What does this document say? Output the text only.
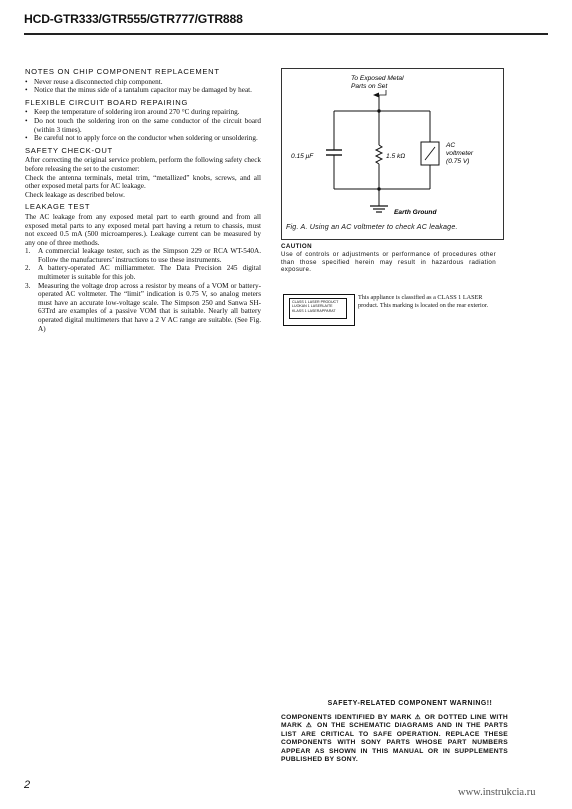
HCD-GTR333/GTR555/GTR777/GTR888
NOTES ON CHIP COMPONENT REPLACEMENT
• Never reuse a disconnected chip component.
• Notice that the minus side of a tantalum capacitor may be damaged by heat.
FLEXIBLE CIRCUIT BOARD REPAIRING
• Keep the temperature of soldering iron around 270 °C during repairing.
• Do not touch the soldering iron on the same conductor of the circuit board (within 3 times).
• Be careful not to apply force on the conductor when soldering or unsoldering.
SAFETY CHECK-OUT

After correcting the original service problem, perform the following safety check before releasing the set to the customer:

Check the antenna terminals, metal trim, “metallized” knobs, screws, and all other exposed metal parts for AC leakage.

Check leakage as described below.

LEAKAGE TEST

The AC leakage from any exposed metal part to earth ground and from all exposed metal parts to any exposed metal part having a return to chassis, must not exceed 0.5 mA (500 microamperes.). Leakage current can be measured by any one of three methods.

1. A commercial leakage tester, such as the Simpson 229 or RCA WT-540A. Follow the manufacturers’ instructions to use these instruments.
2. A battery-operated AC milliammeter. The Data Precision 245 digital multimeter is suitable for this job.
3. Measuring the voltage drop across a resistor by means of a VOM or battery-operated AC voltmeter. The “limit” indication is 0.75 V, so analog meters must have an accurate low-voltage scale. The Simpson 250 and Sanwa SH-63Trd are examples of a passive VOM that is suitable. Nearly all battery operated digital multimeters that have a 2 V AC range are suitable. (See Fig. A)
To Exposed Metal
Parts on Set
0.15 μF	1.5 kΩ
AC
voltmeter
(0.75 V)
Earth Ground
Fig. A. Using an AC voltmeter to check AC leakage.
CAUTION
Use of controls or adjustments or performance of procedures other than those specified herein may result in hazardous radiation exposure.
CLASS 1 LASER PRODUCT
LUOKAN 1 LASERLAITE
KLASS 1 LASERAPPARAT
This appliance is classified as a CLASS 1 LASER product. This marking is located on the rear exterior.
SAFETY-RELATED COMPONENT WARNING!!
COMPONENTS IDENTIFIED BY MARK ⚠ OR DOTTED LINE WITH MARK ⚠ ON THE SCHEMATIC DIAGRAMS AND IN THE PARTS LIST ARE CRITICAL TO SAFE OPERATION. REPLACE THESE COMPONENTS WITH SONY PARTS WHOSE PART NUMBERS APPEAR AS SHOWN IN THIS MANUAL OR IN SUPPLEMENTS PUBLISHED BY SONY.
2
www.instrukcia.ru
